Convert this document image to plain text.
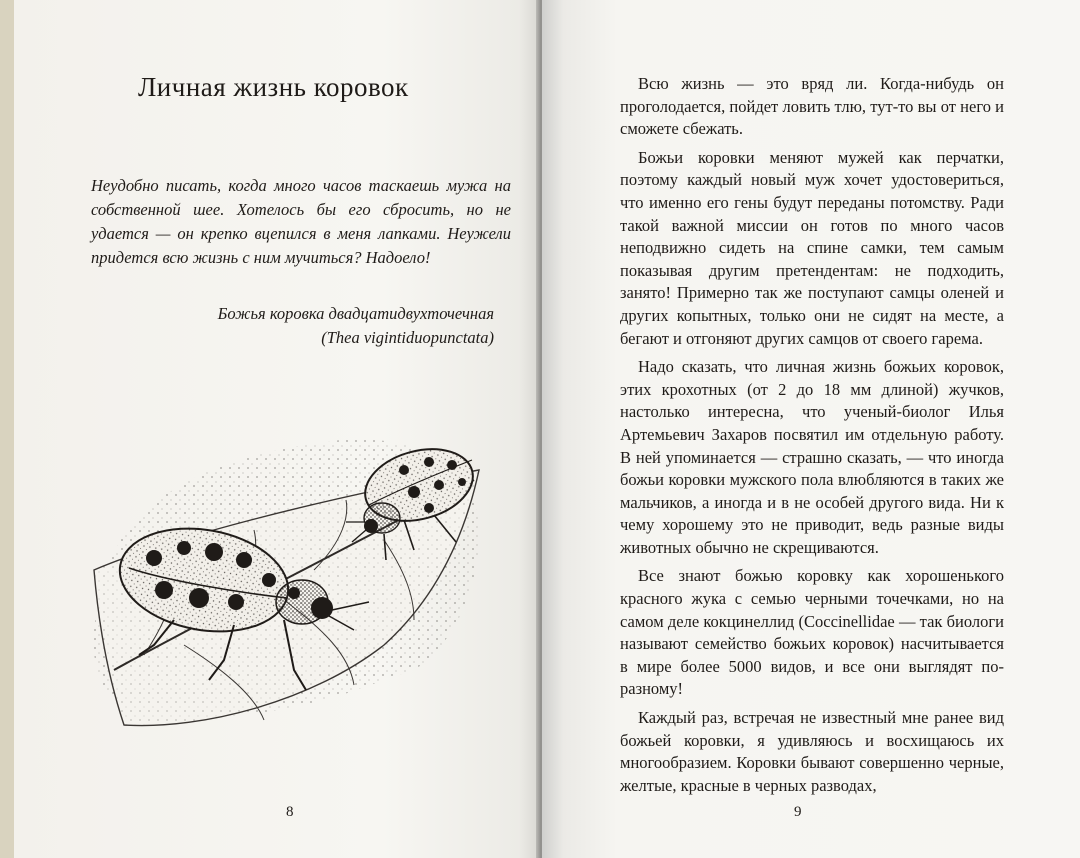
Личная жизнь коровок

Неудобно писать, когда много часов таскаешь мужа на собственной шее. Хотелось бы его сбросить, но не удается — он крепко вцепился в меня лапками. Неужели придется всю жизнь с ним мучиться? Надоело!

Божья коровка двадцатидвухточечная
(Thea vigintiduopunctata)
8

Всю жизнь — это вряд ли. Когда-нибудь он проголодается, пойдет ловить тлю, тут-то вы от него и сможете сбежать.

Божьи коровки меняют мужей как перчатки, поэтому каждый новый муж хочет удостовериться, что именно его гены будут переданы потомству. Ради такой важной миссии он готов по много часов неподвижно сидеть на спине самки, тем самым показывая другим претендентам: не подходить, занято! Примерно так же поступают самцы оленей и других копытных, только они не сидят на месте, а бегают и отгоняют других самцов от своего гарема.

Надо сказать, что личная жизнь божьих коровок, этих крохотных (от 2 до 18 мм длиной) жучков, настолько интересна, что ученый-биолог Илья Артемьевич Захаров посвятил им отдельную работу. В ней упоминается — страшно сказать, — что иногда божьи коровки мужского пола влюбляются в таких же мальчиков, а иногда и в не особей другого вида. Ни к чему хорошему это не приводит, ведь разные виды животных обычно не скрещиваются.

Все знают божью коровку как хорошенького красного жука с семью черными точечками, но на самом деле кокцинеллид (Coccinellidae — так биологи называют семейство божьих коровок) насчитывается в мире более 5000 видов, и все они выглядят по-разному!

Каждый раз, встречая не известный мне ранее вид божьей коровки, я удивляюсь и восхищаюсь их многообразием. Коровки бывают совершенно черные, желтые, красные в черных разводах,

9
